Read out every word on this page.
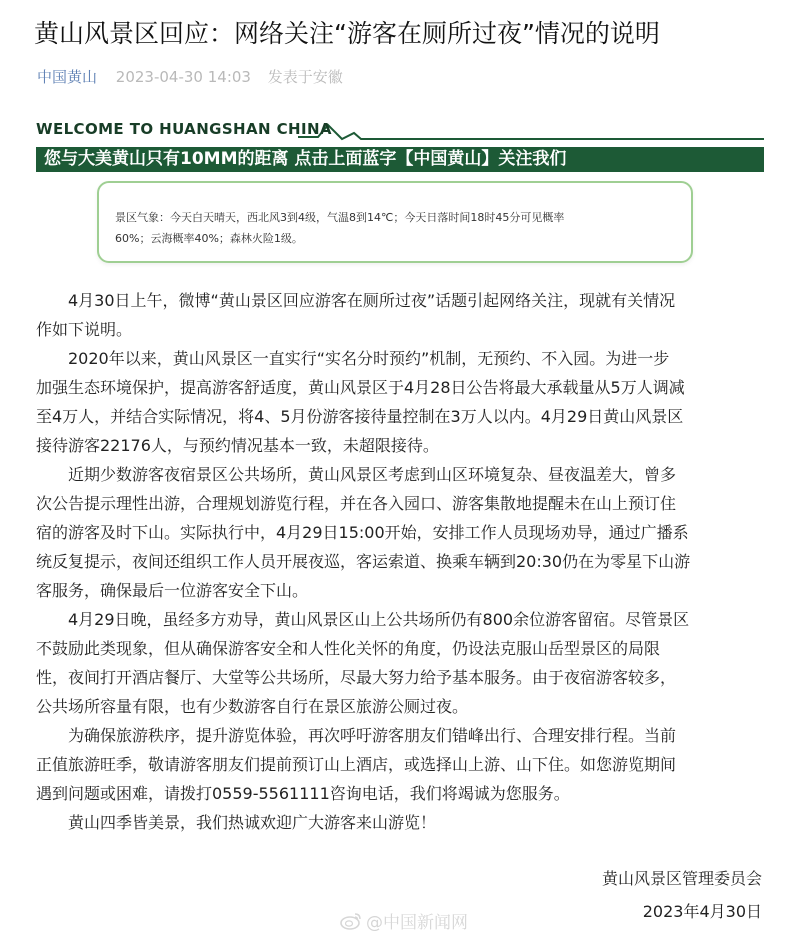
黄山风景区回应：网络关注“游客在厕所过夜”情况的说明
中国黄山 2023-04-30 14:03 发表于安徽
WELCOME TO HUANGSHAN CHINA
您与大美黄山只有10MM的距离 点击上面蓝字【中国黄山】关注我们

景区气象：今天白天晴天，西北风3到4级，气温8到14℃；今天日落时间18时45分可见概率
60%；云海概率40%；森林火险1级。

4月30日上午，微博“黄山景区回应游客在厕所过夜”话题引起网络关注，现就有关情况

作如下说明。

2020年以来，黄山风景区一直实行“实名分时预约”机制，无预约、不入园。为进一步

加强生态环境保护，提高游客舒适度，黄山风景区于4月28日公告将最大承载量从5万人调减

至4万人，并结合实际情况，将4、5月份游客接待量控制在3万人以内。4月29日黄山风景区

接待游客22176人，与预约情况基本一致，未超限接待。

近期少数游客夜宿景区公共场所，黄山风景区考虑到山区环境复杂、昼夜温差大，曾多

次公告提示理性出游，合理规划游览行程，并在各入园口、游客集散地提醒未在山上预订住

宿的游客及时下山。实际执行中，4月29日15:00开始，安排工作人员现场劝导，通过广播系

统反复提示，夜间还组织工作人员开展夜巡，客运索道、换乘车辆到20:30仍在为零星下山游

客服务，确保最后一位游客安全下山。

4月29日晚，虽经多方劝导，黄山风景区山上公共场所仍有800余位游客留宿。尽管景区

不鼓励此类现象，但从确保游客安全和人性化关怀的角度，仍设法克服山岳型景区的局限

性，夜间打开酒店餐厅、大堂等公共场所，尽最大努力给予基本服务。由于夜宿游客较多，

公共场所容量有限，也有少数游客自行在景区旅游公厕过夜。

为确保旅游秩序，提升游览体验，再次呼吁游客朋友们错峰出行、合理安排行程。当前

正值旅游旺季，敬请游客朋友们提前预订山上酒店，或选择山上游、山下住。如您游览期间

遇到问题或困难，请拨打0559-5561111咨询电话，我们将竭诚为您服务。

黄山四季皆美景，我们热诚欢迎广大游客来山游览！

黄山风景区管理委员会
2023年4月30日
@中国新闻网
